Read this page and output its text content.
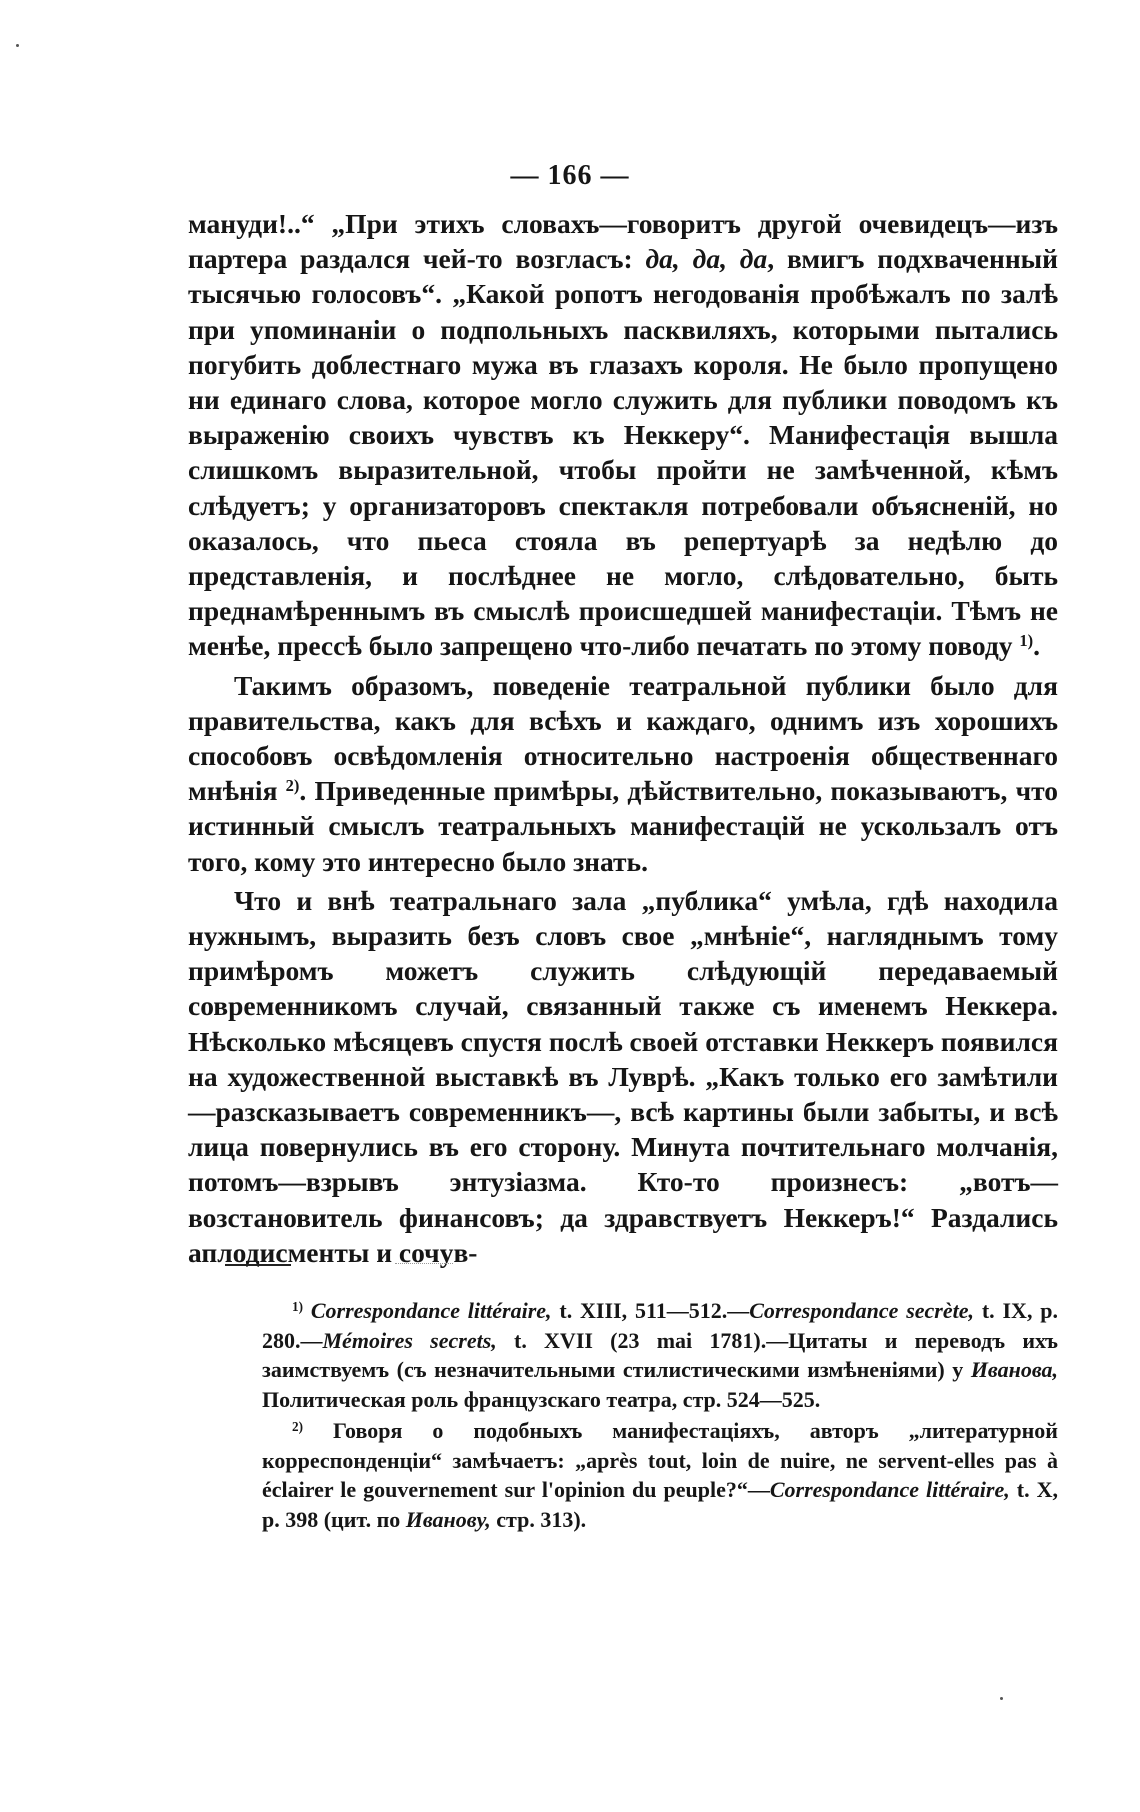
— 166 —

мануди!..“ „При этихъ словахъ—говоритъ другой очевидецъ—изъ партера раздался чей-то возгласъ: да, да, да, вмигъ подхваченный тысячью голосовъ“. „Какой ропотъ негодованія пробѣжалъ по залѣ при упоминаніи о подпольныхъ пасквиляхъ, которыми пытались погубить доблестнаго мужа въ глазахъ короля. Не было пропущено ни единаго слова, которое могло служить для публики поводомъ къ выраженію своихъ чувствъ къ Неккеру“. Манифестація вышла слишкомъ выразительной, чтобы пройти не замѣченной, кѣмъ слѣдуетъ; у организаторовъ спектакля потребовали объясненій, но оказалось, что пьеса стояла въ репертуарѣ за недѣлю до представленія, и послѣднее не могло, слѣдовательно, быть преднамѣреннымъ въ смыслѣ происшедшей манифестаціи. Тѣмъ не менѣе, прессѣ было запрещено что-либо печатать по этому поводу $^{1)}$.

Такимъ образомъ, поведеніе театральной публики было для правительства, какъ для всѣхъ и каждаго, однимъ изъ хорошихъ способовъ освѣдомленія относительно настроенія общественнаго мнѣнія $^{2)}$. Приведенные примѣры, дѣйствительно, показываютъ, что истинный смыслъ театральныхъ манифестацій не ускользалъ отъ того, кому это интересно было знать.

Что и внѣ театральнаго зала „публика“ умѣла, гдѣ находила нужнымъ, выразить безъ словъ свое „мнѣніе“, нагляднымъ тому примѣромъ можетъ служить слѣдующій передаваемый современникомъ случай, связанный также съ именемъ Неккера. Нѣсколько мѣсяцевъ спустя послѣ своей отставки Неккеръ появился на художественной выставкѣ въ Луврѣ. „Какъ только его замѣтили—разсказываетъ современникъ—, всѣ картины были забыты, и всѣ лица повернулись въ его сторону. Минута почтительнаго молчанія, потомъ—взрывъ энтузіазма. Кто-то произнесъ: „вотъ—возстановитель финансовъ; да здравствуетъ Неккеръ!“ Раздались аплодисменты и сочув-

$^{1)}$ Correspondance littéraire, t. XIII, 511—512.—Correspondance secrète, t. IX, p. 280.—Mémoires secrets, t. XVII (23 mai 1781).—Цитаты и переводъ ихъ заимствуемъ (съ незначительными стилистическими измѣненіями) у Иванова, Политическая роль французскаго театра, стр. 524—525.

$^{2)}$ Говоря о подобныхъ манифестаціяхъ, авторъ „литературной корреспонденціи“ замѣчаетъ: „après tout, loin de nuire, ne servent-elles pas à éclairer le gouvernement sur l'opinion du peuple?“—Correspondance littéraire, t. X, p. 398 (цит. по Иванову, стр. 313).
